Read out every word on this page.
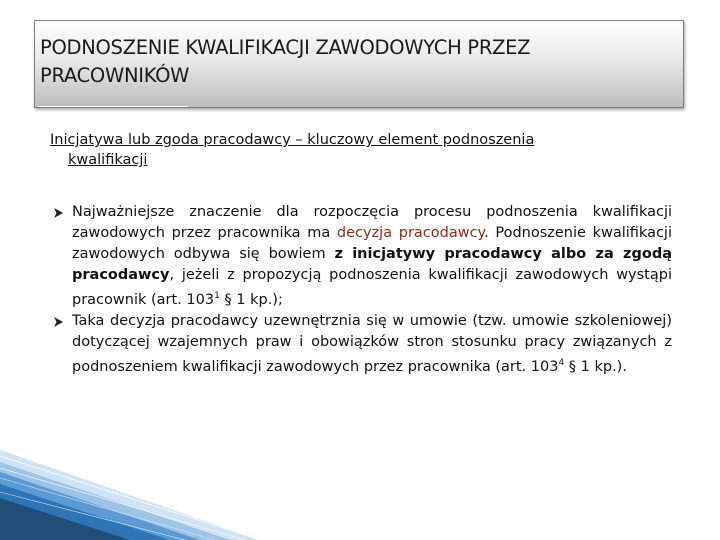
PODNOSZENIE KWALIFIKACJI ZAWODOWYCH PRZEZ
PRACOWNIKÓW
Inicjatywa lub zgoda pracodawcy – kluczowy element podnoszenia
kwalifikacji
Najważniejsze znaczenie dla rozpoczęcia procesu podnoszenia kwalifikacji zawodowych przez pracownika ma decyzja pracodawcy. Podnoszenie kwalifikacji zawodowych odbywa się bowiem z inicjatywy pracodawcy albo za zgodą pracodawcy, jeżeli z propozycją podnoszenia kwalifikacji zawodowych wystąpi pracownik (art. $103^1$ § 1 kp.);
Taka decyzja pracodawcy uzewnętrznia się w umowie (tzw. umowie szkoleniowej) dotyczącej wzajemnych praw i obowiązków stron stosunku pracy związanych z podnoszeniem kwalifikacji zawodowych przez pracownika (art. $103^4$ § 1 kp.).
